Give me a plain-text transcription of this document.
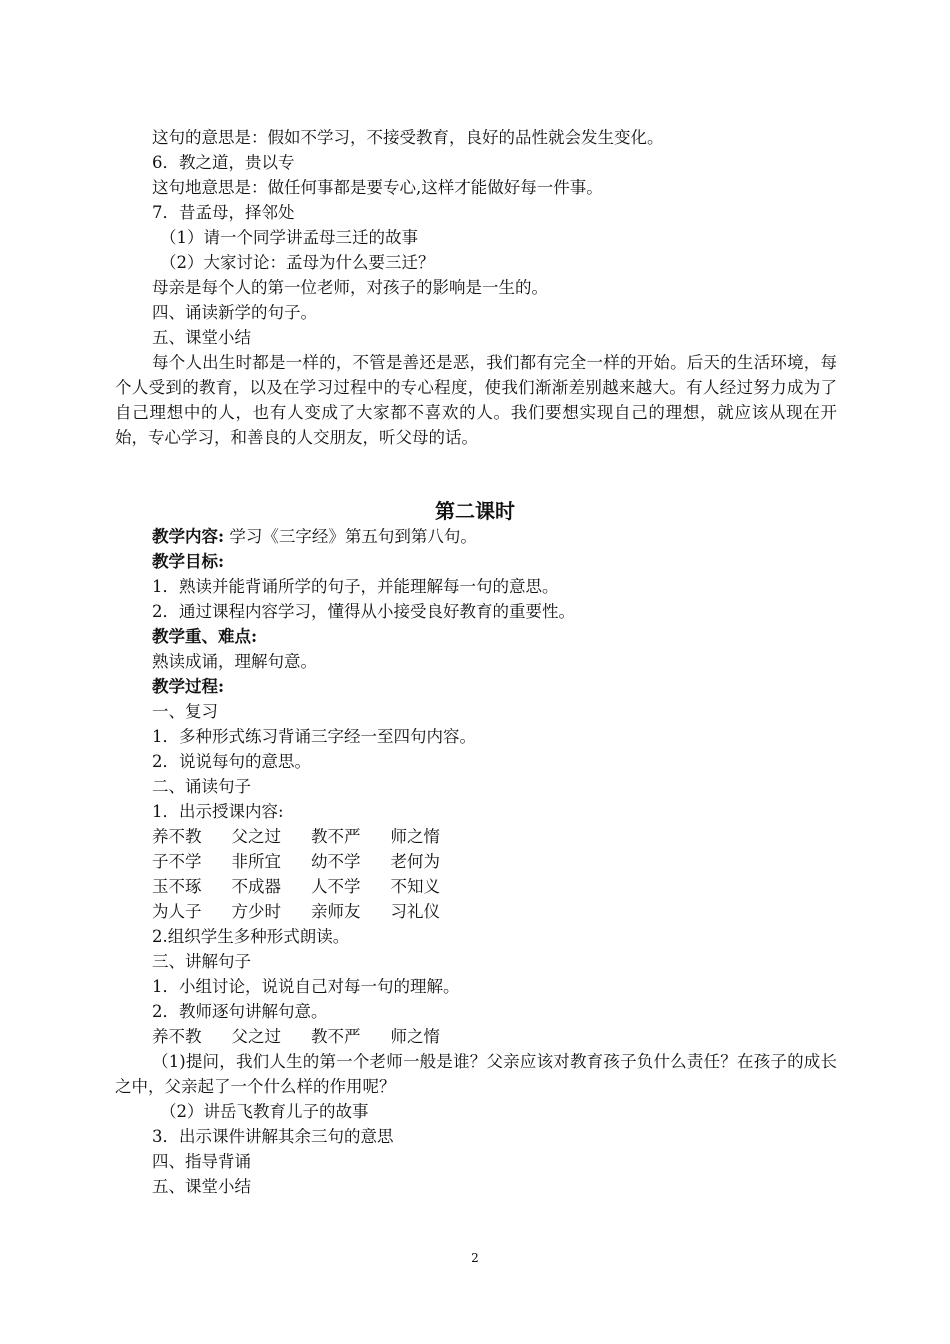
这句的意思是：假如不学习，不接受教育，良好的品性就会发生变化。
6．教之道，贵以专
这句地意思是：做任何事都是要专心,这样才能做好每一件事。
7．昔孟母，择邻处
（1）请一个同学讲孟母三迁的故事
（2）大家讨论：孟母为什么要三迁？
母亲是每个人的第一位老师，对孩子的影响是一生的。
四、诵读新学的句子。
五、课堂小结
每个人出生时都是一样的，不管是善还是恶，我们都有完全一样的开始。后天的生活环境，每个人受到的教育，以及在学习过程中的专心程度，使我们渐渐差别越来越大。有人经过努力成为了自己理想中的人，也有人变成了大家都不喜欢的人。我们要想实现自己的理想，就应该从现在开始，专心学习，和善良的人交朋友，听父母的话。
第二课时
教学内容: 学习《三字经》第五句到第八句。
教学目标:
1．熟读并能背诵所学的句子，并能理解每一句的意思。
2．通过课程内容学习，懂得从小接受良好教育的重要性。
教学重、难点:
熟读成诵，理解句意。
教学过程:
一、复习
1．多种形式练习背诵三字经一至四句内容。
2．说说每句的意思。
二、诵读句子
1．出示授课内容:
养不教 父之过 教不严 师之惰
子不学 非所宜 幼不学 老何为
玉不琢 不成器 人不学 不知义
为人子 方少时 亲师友 习礼仪
2.组织学生多种形式朗读。
三、讲解句子
1．小组讨论，说说自己对每一句的理解。
2．教师逐句讲解句意。
养不教 父之过 教不严 师之惰
（1)提问，我们人生的第一个老师一般是谁？父亲应该对教育孩子负什么责任？在孩子的成长之中，父亲起了一个什么样的作用呢？
（2）讲岳飞教育儿子的故事
3．出示课件讲解其余三句的意思
四、指导背诵
五、课堂小结
2
